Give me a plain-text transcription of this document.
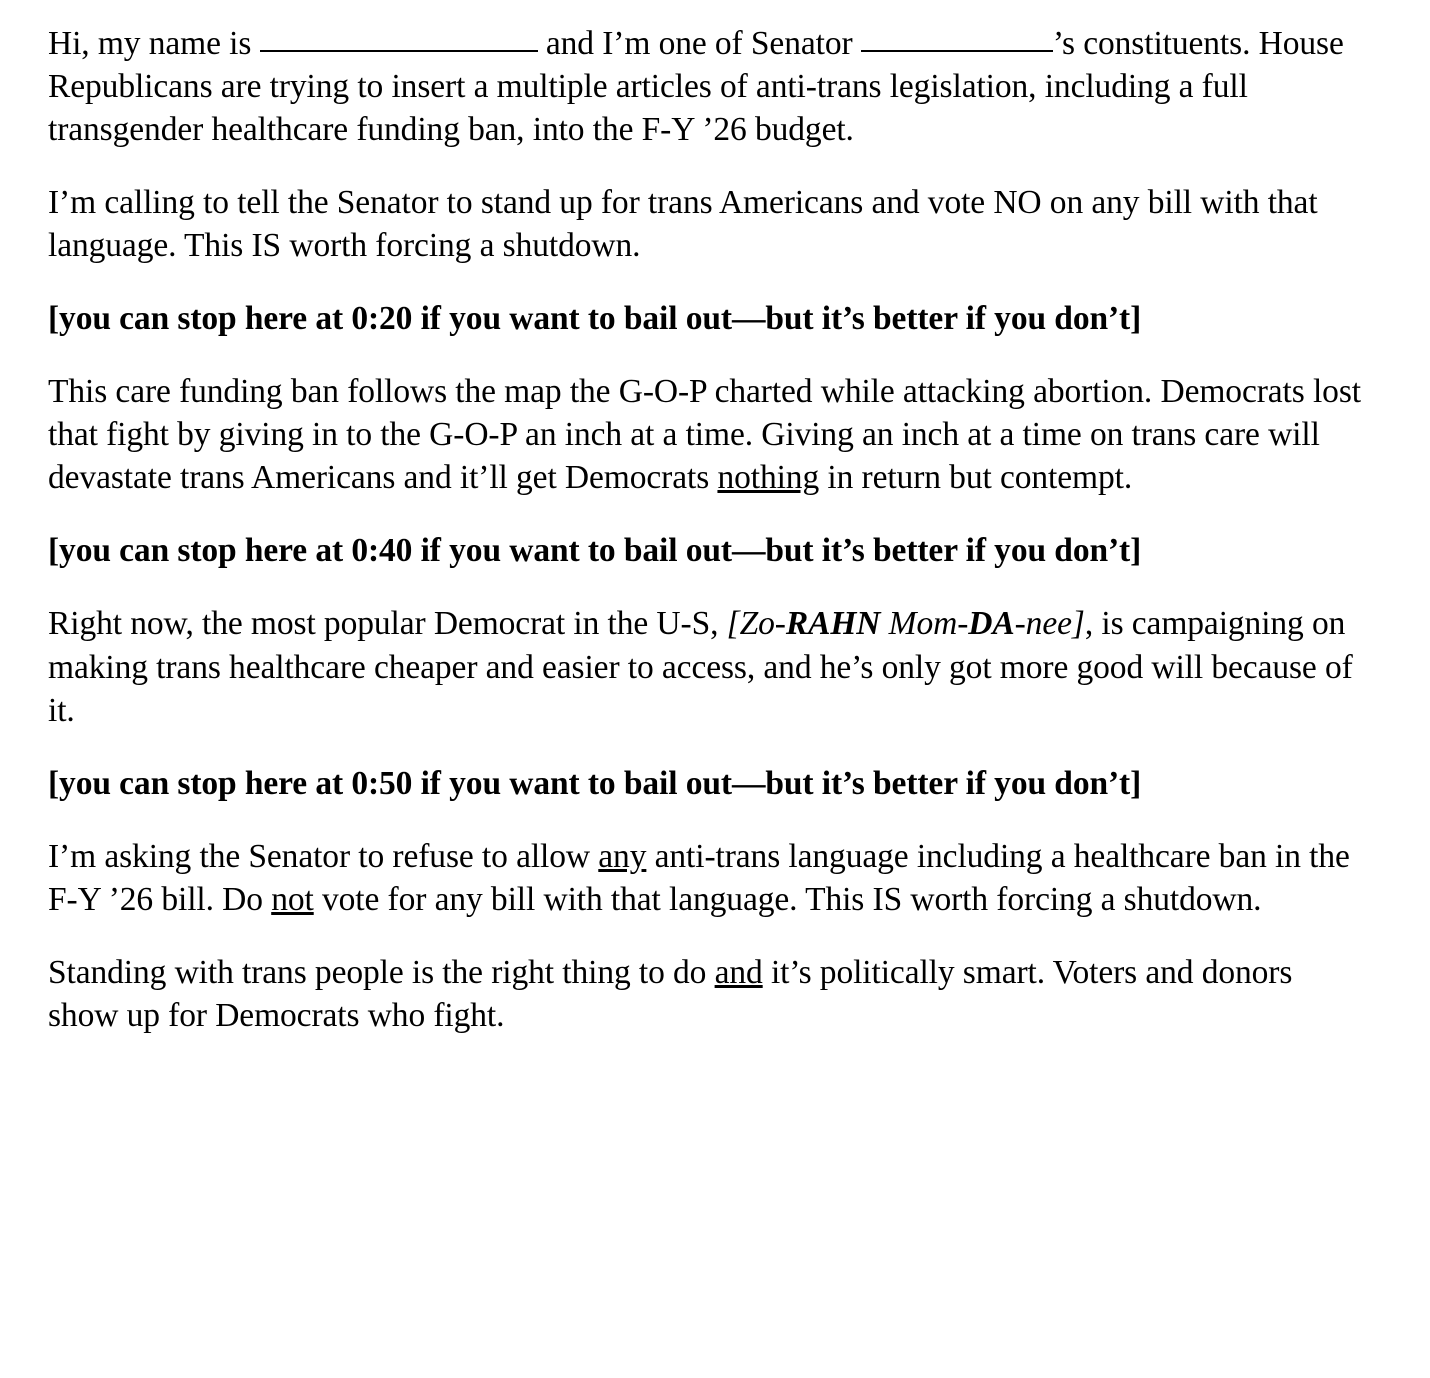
Hi, my name is	and I’m one of Senator	’s constituents. House Republicans are trying to insert a multiple articles of anti-trans legislation, including a full transgender healthcare funding ban, into the F-Y ’26 budget.

I’m calling to tell the Senator to stand up for trans Americans and vote NO on any bill with that language. This IS worth forcing a shutdown.

[you can stop here at 0:20 if you want to bail out—but it’s better if you don’t]

This care funding ban follows the map the G-O-P charted while attacking abortion. Democrats lost that fight by giving in to the G-O-P an inch at a time. Giving an inch at a time on trans care will devastate trans Americans and it’ll get Democrats nothing in return but contempt.

[you can stop here at 0:40 if you want to bail out—but it’s better if you don’t]

Right now, the most popular Democrat in the U-S, [Zo-RAHN Mom-DA-nee], is campaigning on making trans healthcare cheaper and easier to access, and he’s only got more good will because of it.

[you can stop here at 0:50 if you want to bail out—but it’s better if you don’t]

I’m asking the Senator to refuse to allow any anti-trans language including a healthcare ban in the F-Y ’26 bill. Do not vote for any bill with that language. This IS worth forcing a shutdown.

Standing with trans people is the right thing to do and it’s politically smart. Voters and donors show up for Democrats who fight.
